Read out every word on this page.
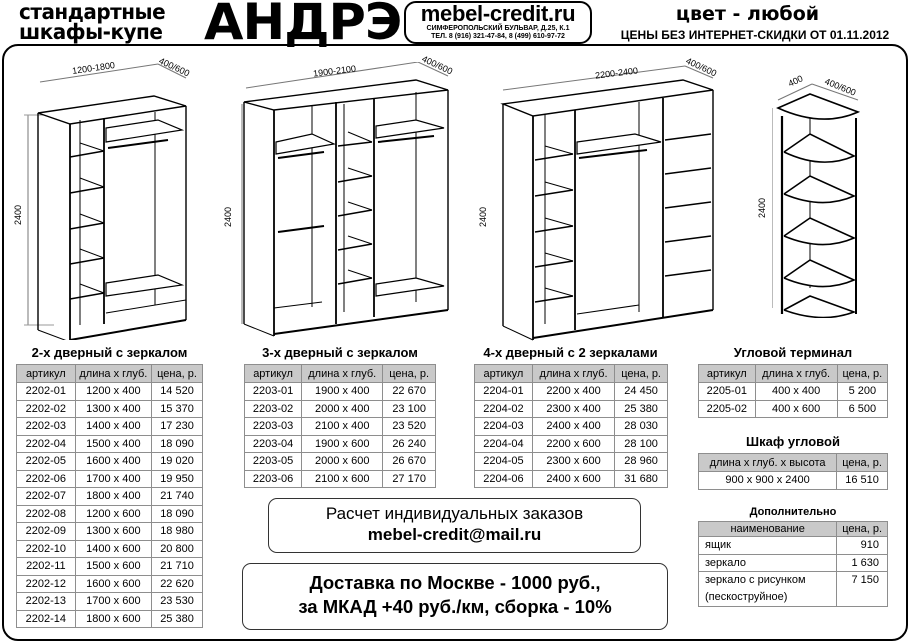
стандартные
шкафы-купе АНДРЭ mebel-credit.ru
СИМФЕРОПОЛЬСКИЙ БУЛЬВАР, Д.25, К.1
ТЕЛ. 8 (916) 321-47-84, 8 (499) 610-97-72
цвет - любой
ЦЕНЫ БЕЗ ИНТЕРНЕТ-СКИДКИ ОТ 01.11.2012
1200-1800	400/600
2400
1900-2100	400/600
2400
2200-2400	400/600
2400
400 400/600
2400
2-х дверный с зеркалом
артикул	длина х глуб.	цена, р.
2202-01	1200 х 400	14 520
2202-02	1300 х 400	15 370
2202-03	1400 х 400	17 230
2202-04	1500 х 400	18 090
2202-05	1600 х 400	19 020
2202-06	1700 х 400	19 950
2202-07	1800 х 400	21 740
2202-08	1200 х 600	18 090
2202-09	1300 х 600	18 980
2202-10	1400 х 600	20 800
2202-11	1500 х 600	21 710
2202-12	1600 х 600	22 620
2202-13	1700 х 600	23 530
2202-14	1800 х 600	25 380
3-х дверный с зеркалом
артикул	длина х глуб.	цена, р.
2203-01	1900 х 400	22 670
2203-02	2000 х 400	23 100
2203-03	2100 х 400	23 520
2203-04	1900 х 600	26 240
2203-05	2000 х 600	26 670
2203-06	2100 х 600	27 170
4-х дверный с 2 зеркалами
артикул	длина х глуб.	цена, р.
2204-01	2200 х 400	24 450
2204-02	2300 х 400	25 380
2204-03	2400 х 400	28 030
2204-04	2200 х 600	28 100
2204-05	2300 х 600	28 960
2204-06	2400 х 600	31 680
Угловой терминал
артикул	длина х глуб.	цена, р.
2205-01	400 х 400	5 200
2205-02	400 х 600	6 500
Шкаф угловой
длина х глуб. х высота	цена, р.
900 х 900 х 2400	16 510
Дополнительно
наименование	цена, р.
ящик	910
зеркало	1 630

зеркало с рисунком
(пескоструйное)	7 150
Расчет индивидуальных заказов
mebel-credit@mail.ru
Доставка по Москве - 1000 руб.,
за МКАД +40 руб./км, сборка - 10%
